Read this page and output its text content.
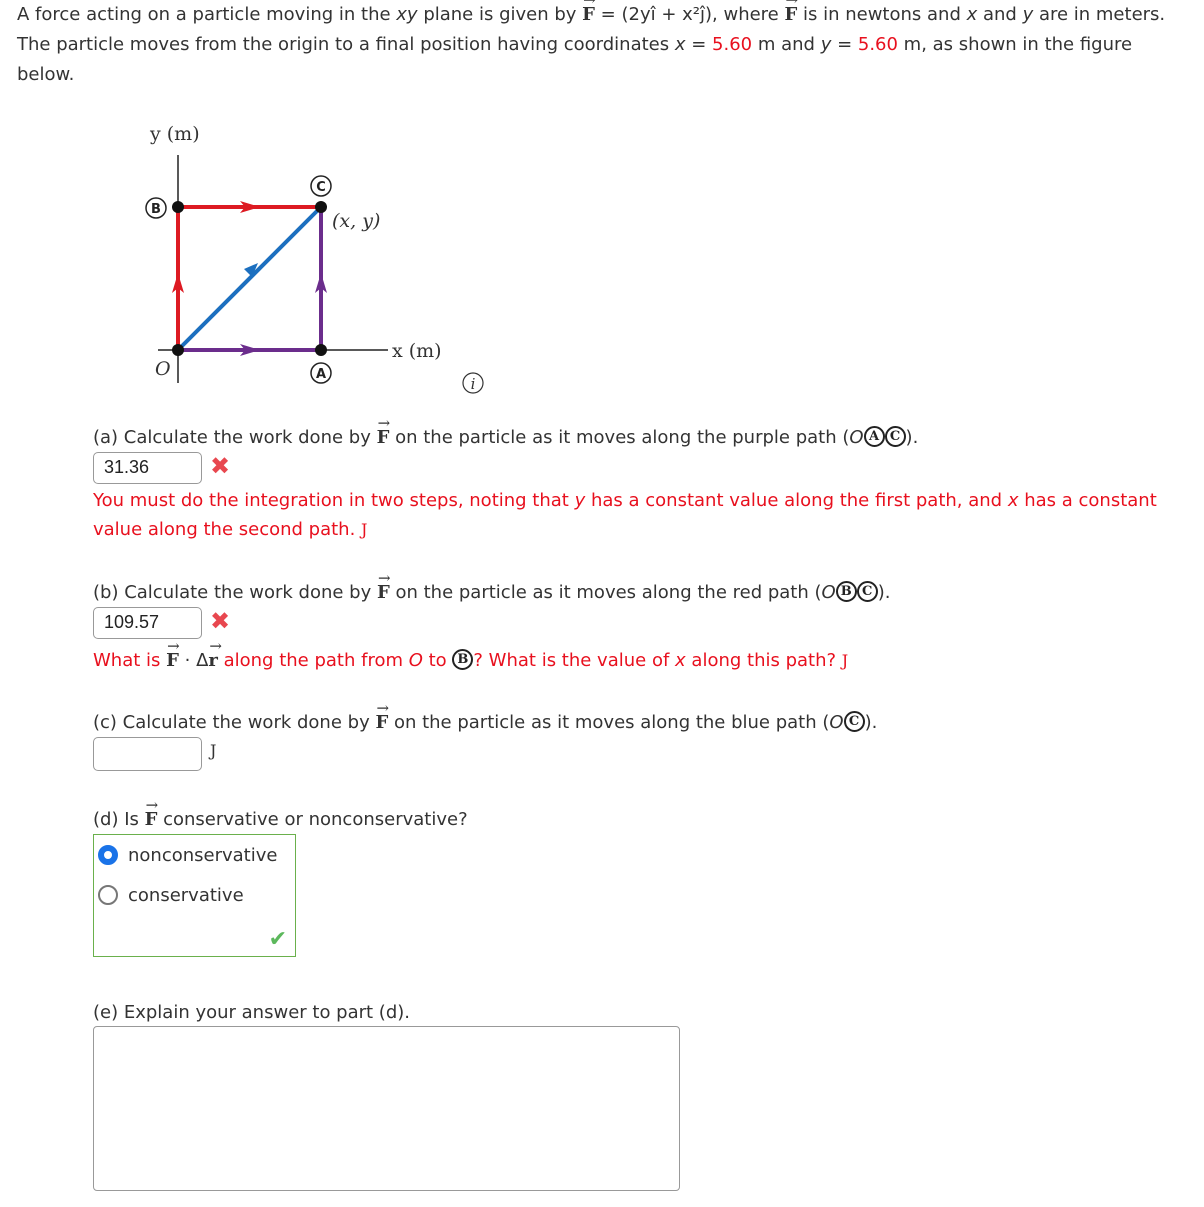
A force acting on a particle moving in the xy plane is given by → F = (2yî + x²ĵ), where → F is in newtons and x and y are in meters. The particle moves from the origin to a final position having coordinates x = 5.60 m and y = 5.60 m, as shown in the figure below.
y (m)
x (m)
(x, y)
O	A
B
C
i
(a) Calculate the work done by → F on the particle as it moves along the purple path (O A C ).
31.36	✖
You must do the integration in two steps, noting that y has a constant value along the first path, and x has a constant value along the second path. J
(b) Calculate the work done by → F on the particle as it moves along the red path (O B C ).
109.57	✖
What is → F · Δ→ r along the path from O to B ? What is the value of x along this path? J
(c) Calculate the work done by → F on the particle as it moves along the blue path (O C ).
J
(d) Is → F conservative or nonconservative?
nonconservative
conservative
✔
(e) Explain your answer to part (d).
